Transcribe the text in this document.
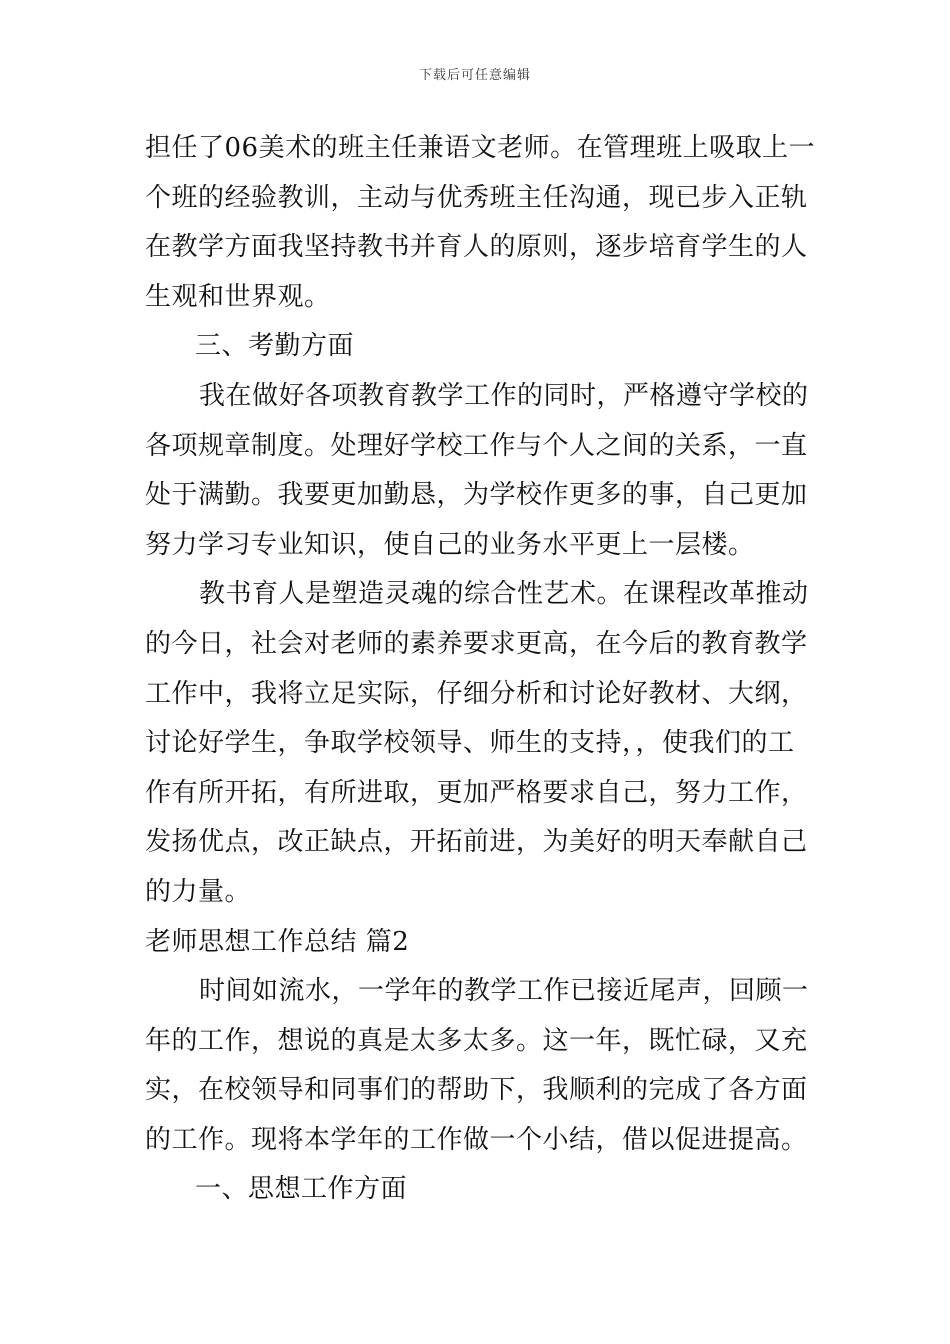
下载后可任意编辑
担任了06美术的班主任兼语文老师。在管理班上吸取上一
个班的经验教训，主动与优秀班主任沟通，现已步入正轨
在教学方面我坚持教书并育人的原则，逐步培育学生的人
生观和世界观。
三、考勤方面
我在做好各项教育教学工作的同时，严格遵守学校的
各项规章制度。处理好学校工作与个人之间的关系，一直
处于满勤。我要更加勤恳，为学校作更多的事，自己更加
努力学习专业知识，使自己的业务水平更上一层楼。
教书育人是塑造灵魂的综合性艺术。在课程改革推动
的今日，社会对老师的素养要求更高，在今后的教育教学
工作中，我将立足实际，仔细分析和讨论好教材、大纲，
讨论好学生，争取学校领导、师生的支持，，使我们的工
作有所开拓，有所进取，更加严格要求自己，努力工作，
发扬优点，改正缺点，开拓前进，为美好的明天奉献自己
的力量。
老师思想工作总结 篇2
时间如流水，一学年的教学工作已接近尾声，回顾一
年的工作，想说的真是太多太多。这一年，既忙碌，又充
实，在校领导和同事们的帮助下，我顺利的完成了各方面
的工作。现将本学年的工作做一个小结，借以促进提高。
一、思想工作方面
